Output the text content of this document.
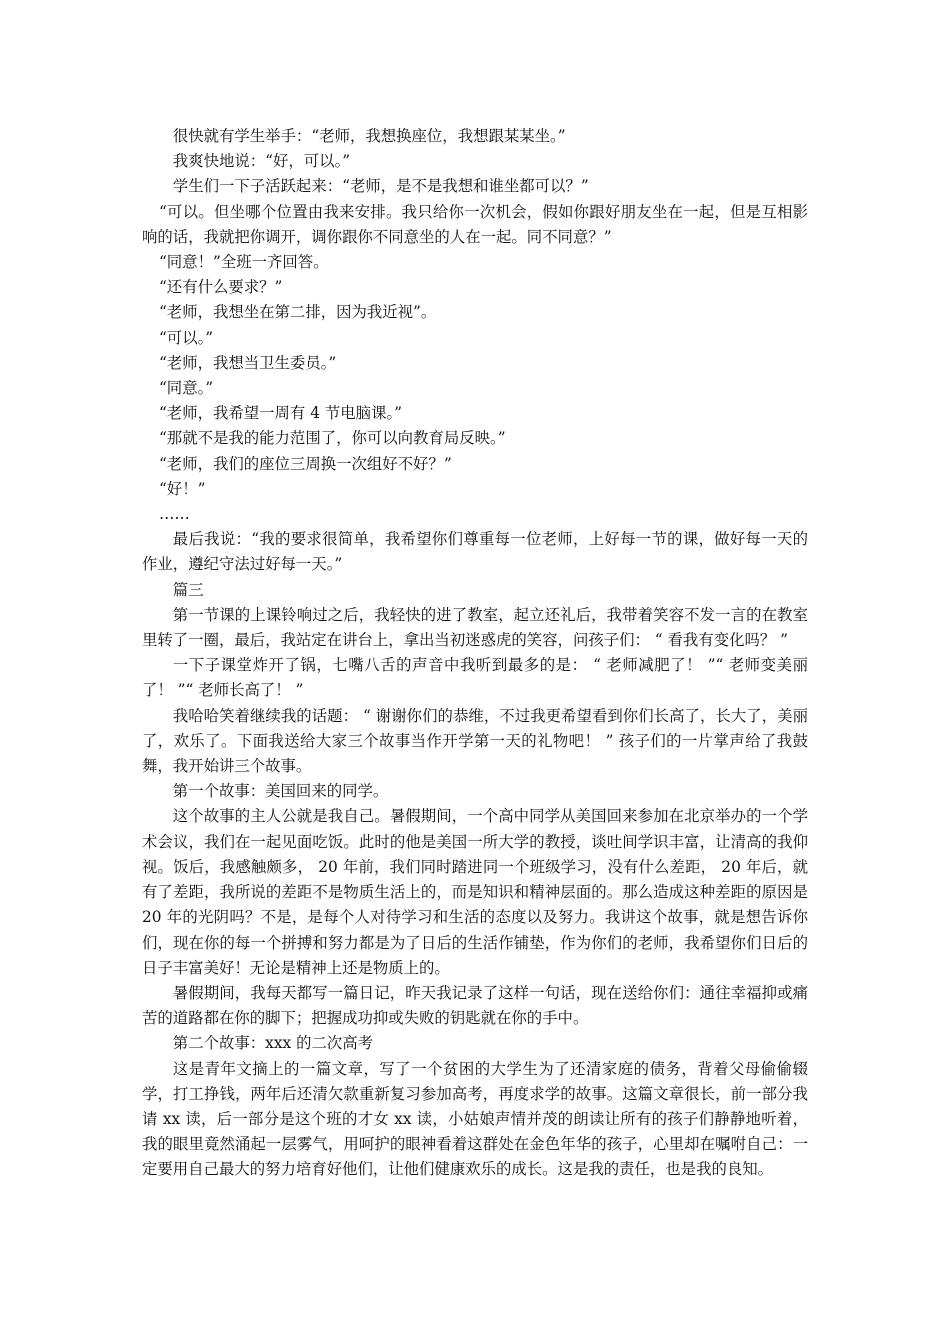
很快就有学生举手：“老师，我想换座位，我想跟某某坐。”

我爽快地说：“好，可以。”

学生们一下子活跃起来：“老师，是不是我想和谁坐都可以？”

“可以。但坐哪个位置由我来安排。我只给你一次机会，假如你跟好朋友坐在一起，但是互相影响的话，我就把你调开，调你跟你不同意坐的人在一起。同不同意？”

“同意！”全班一齐回答。

“还有什么要求？”

“老师，我想坐在第二排，因为我近视”。

“可以。”

“老师，我想当卫生委员。”

“同意。”

“老师，我希望一周有 4 节电脑课。”

“那就不是我的能力范围了，你可以向教育局反映。”

“老师，我们的座位三周换一次组好不好？”

“好！”

……

最后我说：“我的要求很简单，我希望你们尊重每一位老师，上好每一节的课，做好每一天的作业，遵纪守法过好每一天。”

篇三

第一节课的上课铃响过之后，我轻快的进了教室，起立还礼后，我带着笑容不发一言的在教室里转了一圈，最后，我站定在讲台上，拿出当初迷惑虎的笑容，问孩子们： “ 看我有变化吗？ ”

一下子课堂炸开了锅，七嘴八舌的声音中我听到最多的是： “ 老师减肥了！ ”“ 老师变美丽了！ ”“ 老师长高了！ ”

我哈哈笑着继续我的话题： “ 谢谢你们的恭维，不过我更希望看到你们长高了，长大了，美丽了，欢乐了。下面我送给大家三个故事当作开学第一天的礼物吧！ ” 孩子们的一片掌声给了我鼓舞，我开始讲三个故事。

第一个故事：美国回来的同学。

这个故事的主人公就是我自己。暑假期间，一个高中同学从美国回来参加在北京举办的一个学术会议，我们在一起见面吃饭。此时的他是美国一所大学的教授，谈吐间学识丰富，让清高的我仰视。饭后，我感触颇多， 20 年前，我们同时踏进同一个班级学习，没有什么差距， 20 年后，就有了差距，我所说的差距不是物质生活上的，而是知识和精神层面的。那么造成这种差距的原因是 20 年的光阴吗？不是，是每个人对待学习和生活的态度以及努力。我讲这个故事，就是想告诉你们，现在你的每一个拼搏和努力都是为了日后的生活作铺垫，作为你们的老师，我希望你们日后的日子丰富美好！无论是精神上还是物质上的。

暑假期间，我每天都写一篇日记，昨天我记录了这样一句话，现在送给你们：通往幸福抑或痛苦的道路都在你的脚下；把握成功抑或失败的钥匙就在你的手中。

第二个故事：xxx 的二次高考

这是青年文摘上的一篇文章，写了一个贫困的大学生为了还清家庭的债务，背着父母偷偷辍学，打工挣钱，两年后还清欠款重新复习参加高考，再度求学的故事。这篇文章很长，前一部分我请 xx 读，后一部分是这个班的才女 xx 读，小姑娘声情并茂的朗读让所有的孩子们静静地听着，我的眼里竟然涌起一层雾气，用呵护的眼神看着这群处在金色年华的孩子，心里却在嘱咐自己：一定要用自己最大的努力培育好他们，让他们健康欢乐的成长。这是我的责任，也是我的良知。
